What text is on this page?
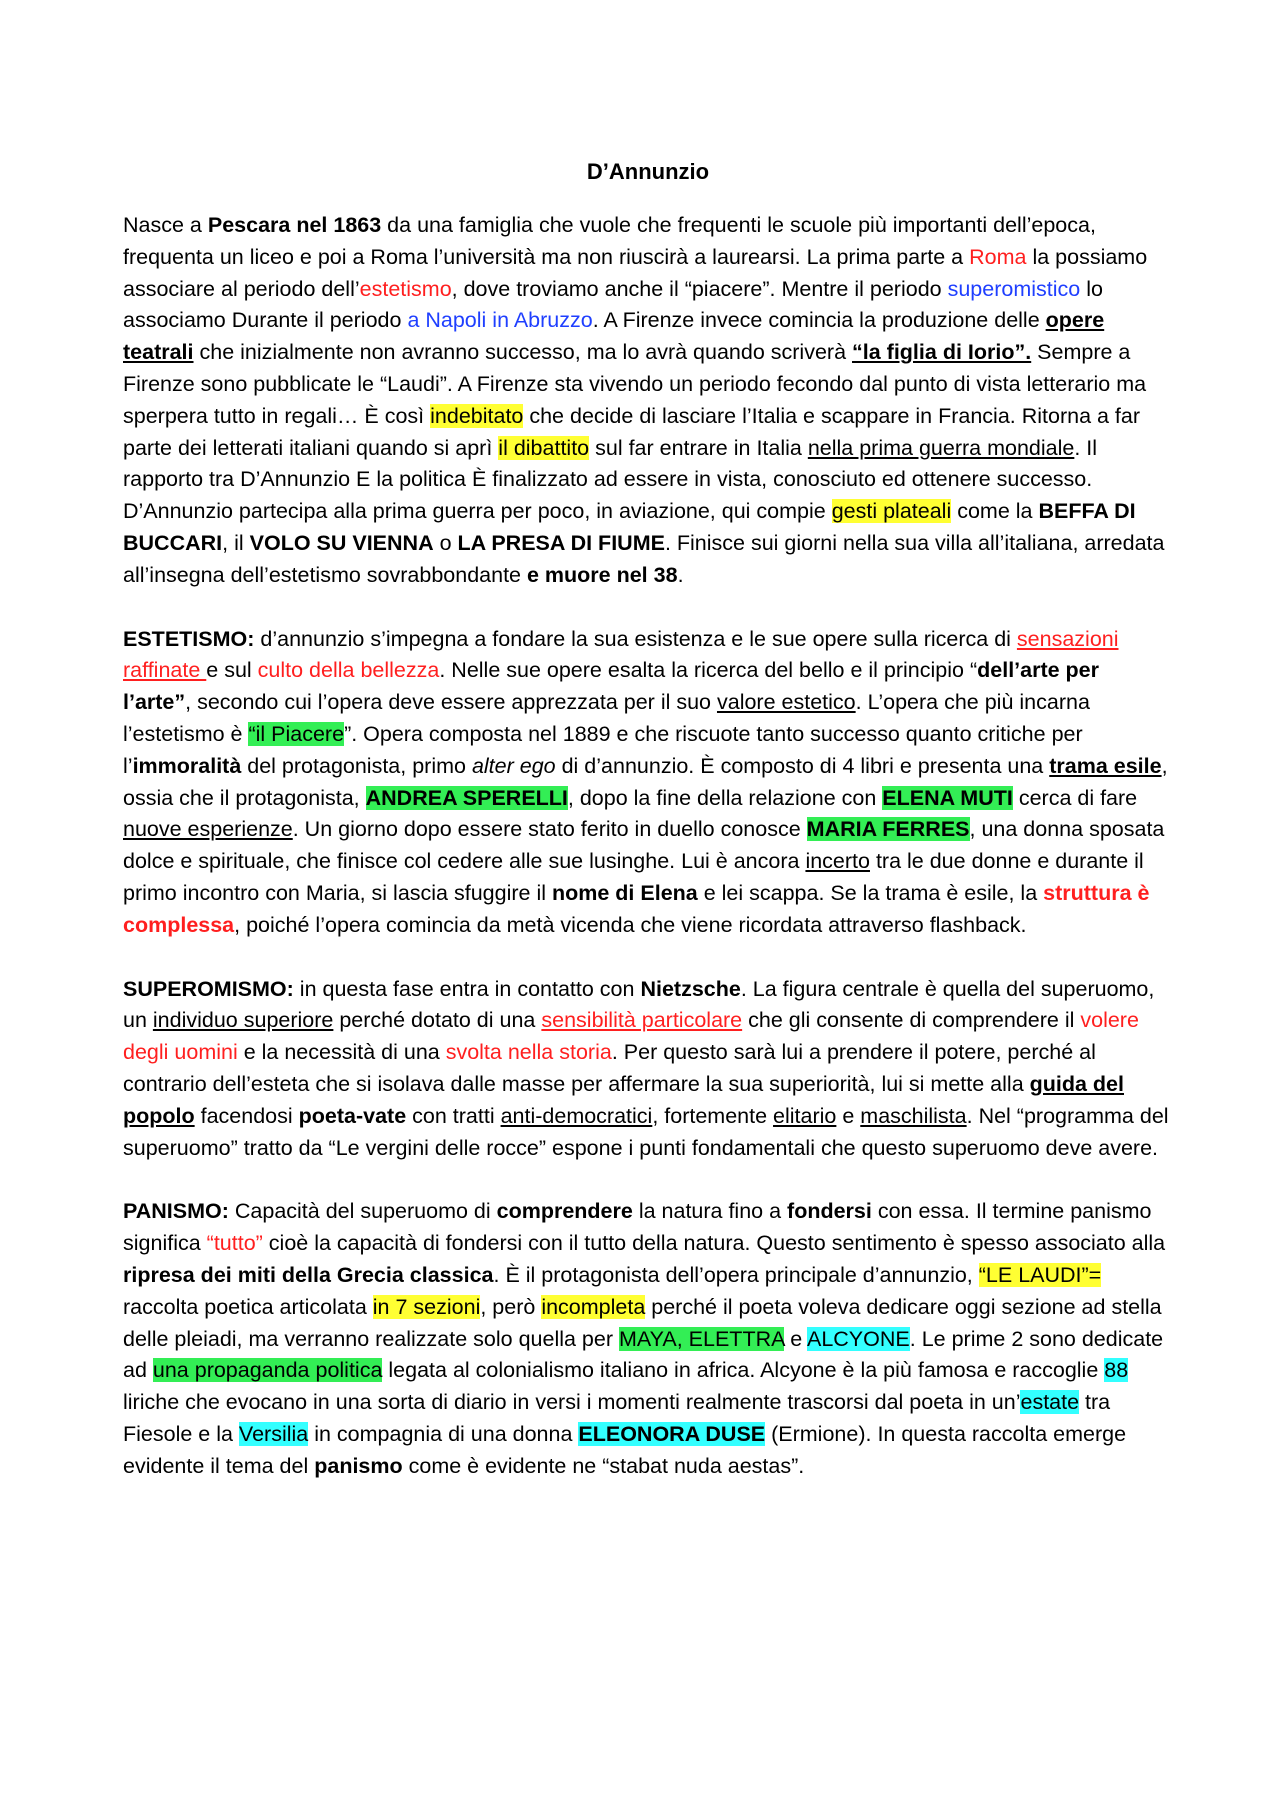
D’Annunzio

Nasce a Pescara nel 1863 da una famiglia che vuole che frequenti le scuole più importanti dell’epoca, frequenta un liceo e poi a Roma l’università ma non riuscirà a laurearsi. La prima parte a Roma la possiamo associare al periodo dell’estetismo, dove troviamo anche il “piacere”. Mentre il periodo superomistico lo associamo Durante il periodo a Napoli in Abruzzo. A Firenze invece comincia la produzione delle opere teatrali che inizialmente non avranno successo, ma lo avrà quando scriverà “la figlia di Iorio”. Sempre a Firenze sono pubblicate le “Laudi”. A Firenze sta vivendo un periodo fecondo dal punto di vista letterario ma sperpera tutto in regali… È così indebitato che decide di lasciare l’Italia e scappare in Francia. Ritorna a far parte dei letterati italiani quando si aprì il dibattito sul far entrare in Italia nella prima guerra mondiale. Il rapporto tra D’Annunzio E la politica È finalizzato ad essere in vista, conosciuto ed ottenere successo. D’Annunzio partecipa alla prima guerra per poco, in aviazione, qui compie gesti plateali come la BEFFA DI BUCCARI, il VOLO SU VIENNA o LA PRESA DI FIUME. Finisce sui giorni nella sua villa all’italiana, arredata all’insegna dell’estetismo sovrabbondante e muore nel 38.

ESTETISMO: d’annunzio s’impegna a fondare la sua esistenza e le sue opere sulla ricerca di sensazioni raffinate e sul culto della bellezza. Nelle sue opere esalta la ricerca del bello e il principio “dell’arte per l’arte”, secondo cui l’opera deve essere apprezzata per il suo valore estetico. L’opera che più incarna l’estetismo è “il Piacere”. Opera composta nel 1889 e che riscuote tanto successo quanto critiche per l’immoralità del protagonista, primo alter ego di d’annunzio. È composto di 4 libri e presenta una trama esile, ossia che il protagonista, ANDREA SPERELLI, dopo la fine della relazione con ELENA MUTI cerca di fare nuove esperienze. Un giorno dopo essere stato ferito in duello conosce MARIA FERRES, una donna sposata dolce e spirituale, che finisce col cedere alle sue lusinghe. Lui è ancora incerto tra le due donne e durante il primo incontro con Maria, si lascia sfuggire il nome di Elena e lei scappa. Se la trama è esile, la struttura è complessa, poiché l’opera comincia da metà vicenda che viene ricordata attraverso flashback.

SUPEROMISMO: in questa fase entra in contatto con Nietzsche. La figura centrale è quella del superuomo, un individuo superiore perché dotato di una sensibilità particolare che gli consente di comprendere il volere degli uomini e la necessità di una svolta nella storia. Per questo sarà lui a prendere il potere, perché al contrario dell’esteta che si isolava dalle masse per affermare la sua superiorità, lui si mette alla guida del popolo facendosi poeta-vate con tratti anti-democratici, fortemente elitario e maschilista. Nel “programma del superuomo” tratto da “Le vergini delle rocce” espone i punti fondamentali che questo superuomo deve avere.

PANISMO: Capacità del superuomo di comprendere la natura fino a fondersi con essa. Il termine panismo significa “tutto” cioè la capacità di fondersi con il tutto della natura. Questo sentimento è spesso associato alla ripresa dei miti della Grecia classica. È il protagonista dell’opera principale d’annunzio, “LE LAUDI”= raccolta poetica articolata in 7 sezioni, però incompleta perché il poeta voleva dedicare oggi sezione ad stella delle pleiadi, ma verranno realizzate solo quella per MAYA, ELETTRA e ALCYONE. Le prime 2 sono dedicate ad una propaganda politica legata al colonialismo italiano in africa. Alcyone è la più famosa e raccoglie 88 liriche che evocano in una sorta di diario in versi i momenti realmente trascorsi dal poeta in un’estate tra Fiesole e la Versilia in compagnia di una donna ELEONORA DUSE (Ermione). In questa raccolta emerge evidente il tema del panismo come è evidente ne “stabat nuda aestas”.
